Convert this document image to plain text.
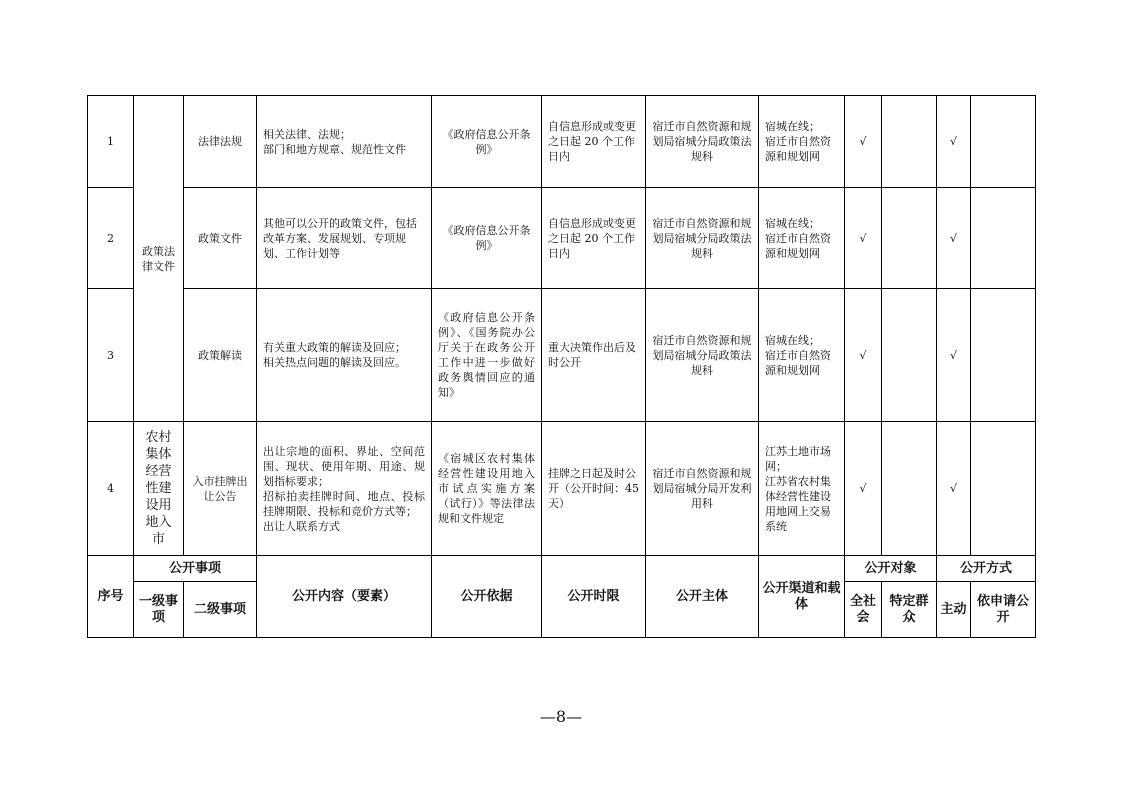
1	政策法律文件	法律法规	相关法律、法规；
部门和地方规章、规范性文件	《政府信息公开条例》	自信息形成或变更之日起 20 个工作日内	宿迁市自然资源和规划局宿城分局政策法规科	宿城在线；
宿迁市自然资源和规划网	√		√	
2		政策文件	其他可以公开的政策文件，包括改革方案、发展规划、专项规划、工作计划等	《政府信息公开条例》	自信息形成或变更之日起 20 个工作日内	宿迁市自然资源和规划局宿城分局政策法规科	宿城在线；
宿迁市自然资源和规划网	√		√	
3		政策解读	有关重大政策的解读及回应；
相关热点问题的解读及回应。	《政府信息公开条例》、《国务院办公厅关于在政务公开工作中进一步做好政务舆情回应的通知》	重大决策作出后及时公开	宿迁市自然资源和规划局宿城分局政策法规科	宿城在线；
宿迁市自然资源和规划网	√		√	
4	农村集体经营性建设用地入市	入市挂牌出让公告	出让宗地的面积、界址、空间范围、现状、使用年期、用途、规划指标要求；
招标拍卖挂牌时间、地点、投标挂牌期限、投标和竞价方式等；
出让人联系方式	《宿城区农村集体经营性建设用地入市试点实施方案（试行）》等法律法规和文件规定	挂牌之日起及时公开（公开时间：45 天）	宿迁市自然资源和规划局宿城分局开发利用科	江苏土地市场网；
江苏省农村集体经营性建设用地网上交易系统	√		√	
序号	公开事项		公开内容（要素）	公开依据	公开时限	公开主体	公开渠道和载体	公开对象		公开方式	
	一级事项	二级事项						全社会	特定群众	主动	依申请公开
—8—
